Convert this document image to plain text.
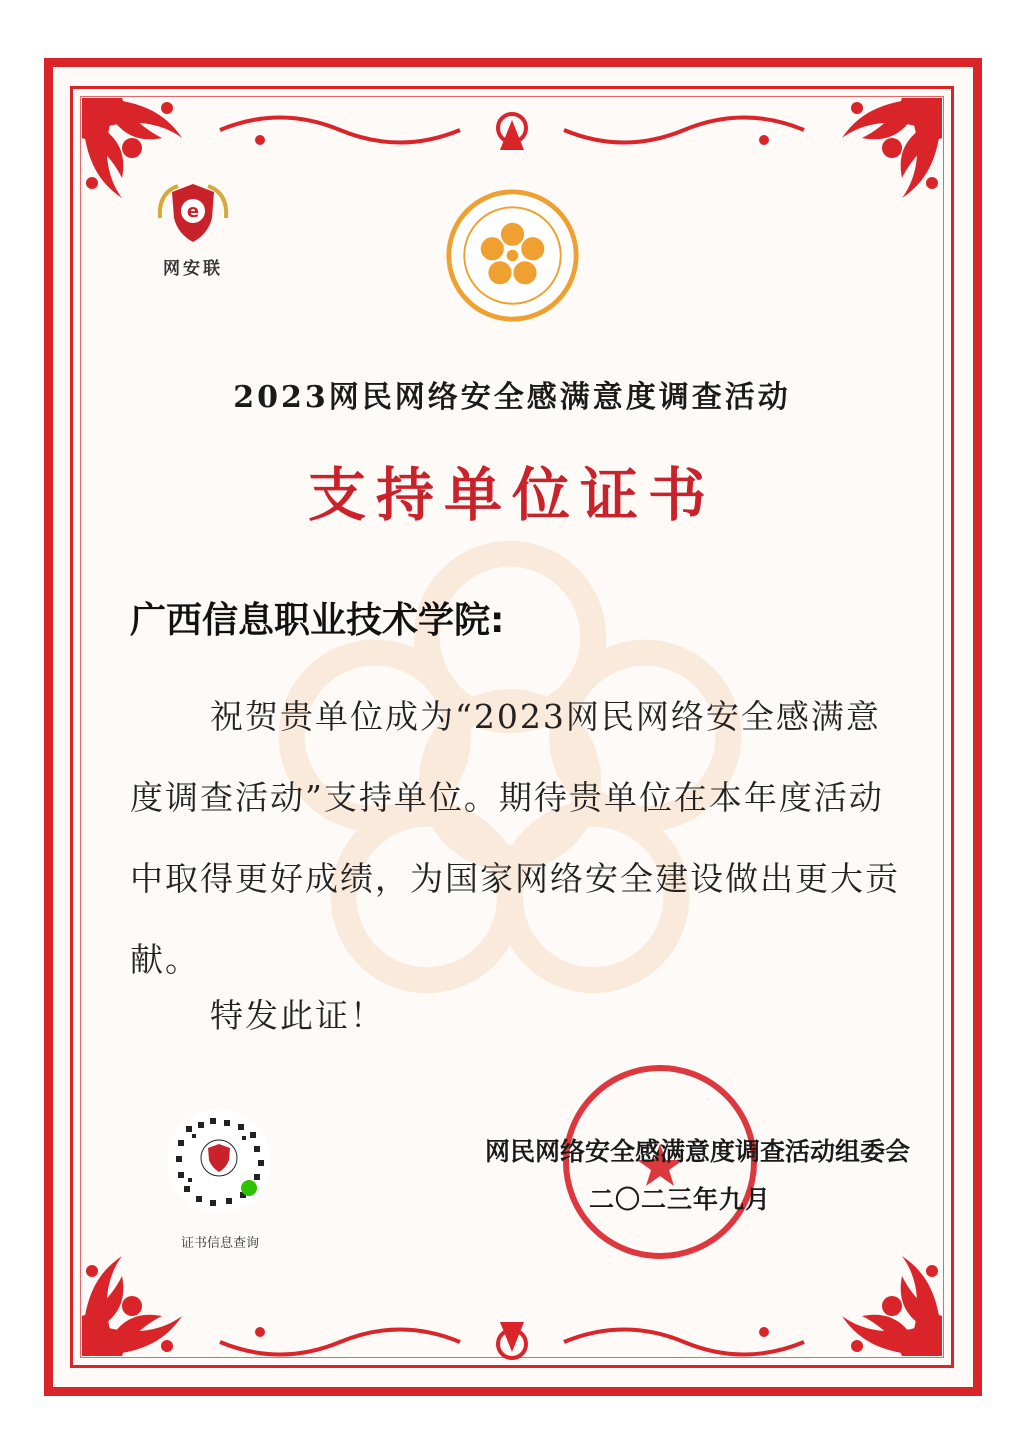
e
网安联
2023网民网络安全感满意度调查活动
支持单位证书
广西信息职业技术学院:

祝贺贵单位成为“2023网民网络安全感满意度调查活动”支持单位。期待贵单位在本年度活动中取得更好成绩，为国家网络安全建设做出更大贡献。

特发此证！
网民网络安全感满意度调查活动组委会
二〇二三年九月
证书信息查询
